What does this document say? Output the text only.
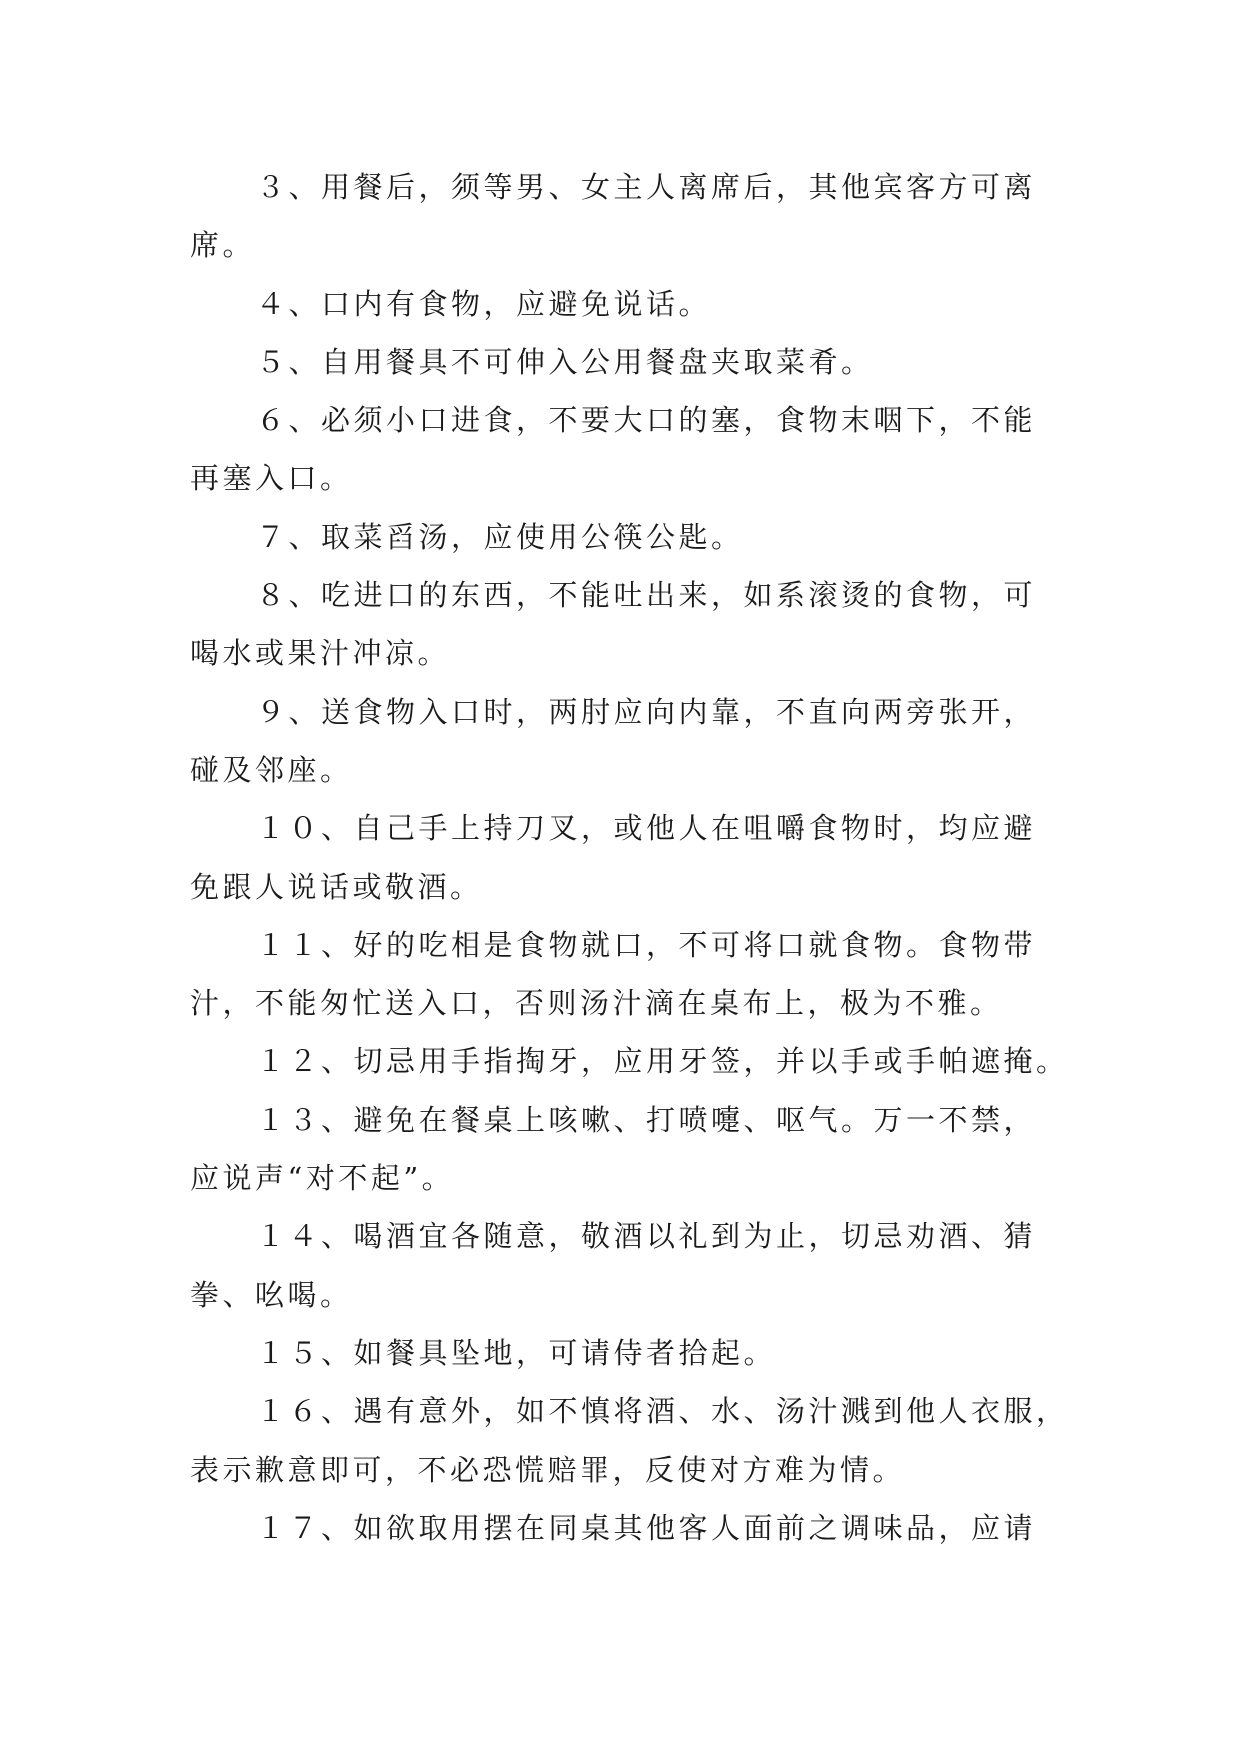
３、用餐后，须等男、女主人离席后，其他宾客方可离
席。

４、口内有食物，应避免说话。

５、自用餐具不可伸入公用餐盘夹取菜肴。

６、必须小口进食，不要大口的塞，食物末咽下，不能
再塞入口。

７、取菜舀汤，应使用公筷公匙。

８、吃进口的东西，不能吐出来，如系滚烫的食物，可
喝水或果汁冲凉。

９、送食物入口时，两肘应向内靠，不直向两旁张开，
碰及邻座。

１０、自己手上持刀叉，或他人在咀嚼食物时，均应避
免跟人说话或敬酒。

１１、好的吃相是食物就口，不可将口就食物。食物带
汁，不能匆忙送入口，否则汤汁滴在桌布上，极为不雅。

１２、切忌用手指掏牙，应用牙签，并以手或手帕遮掩。

１３、避免在餐桌上咳嗽、打喷嚏、呕气。万一不禁，
应说声“对不起”。

１４、喝酒宜各随意，敬酒以礼到为止，切忌劝酒、猜
拳、吆喝。

１５、如餐具坠地，可请侍者拾起。

１６、遇有意外，如不慎将酒、水、汤汁溅到他人衣服，
表示歉意即可，不必恐慌赔罪，反使对方难为情。

１７、如欲取用摆在同桌其他客人面前之调味品，应请
